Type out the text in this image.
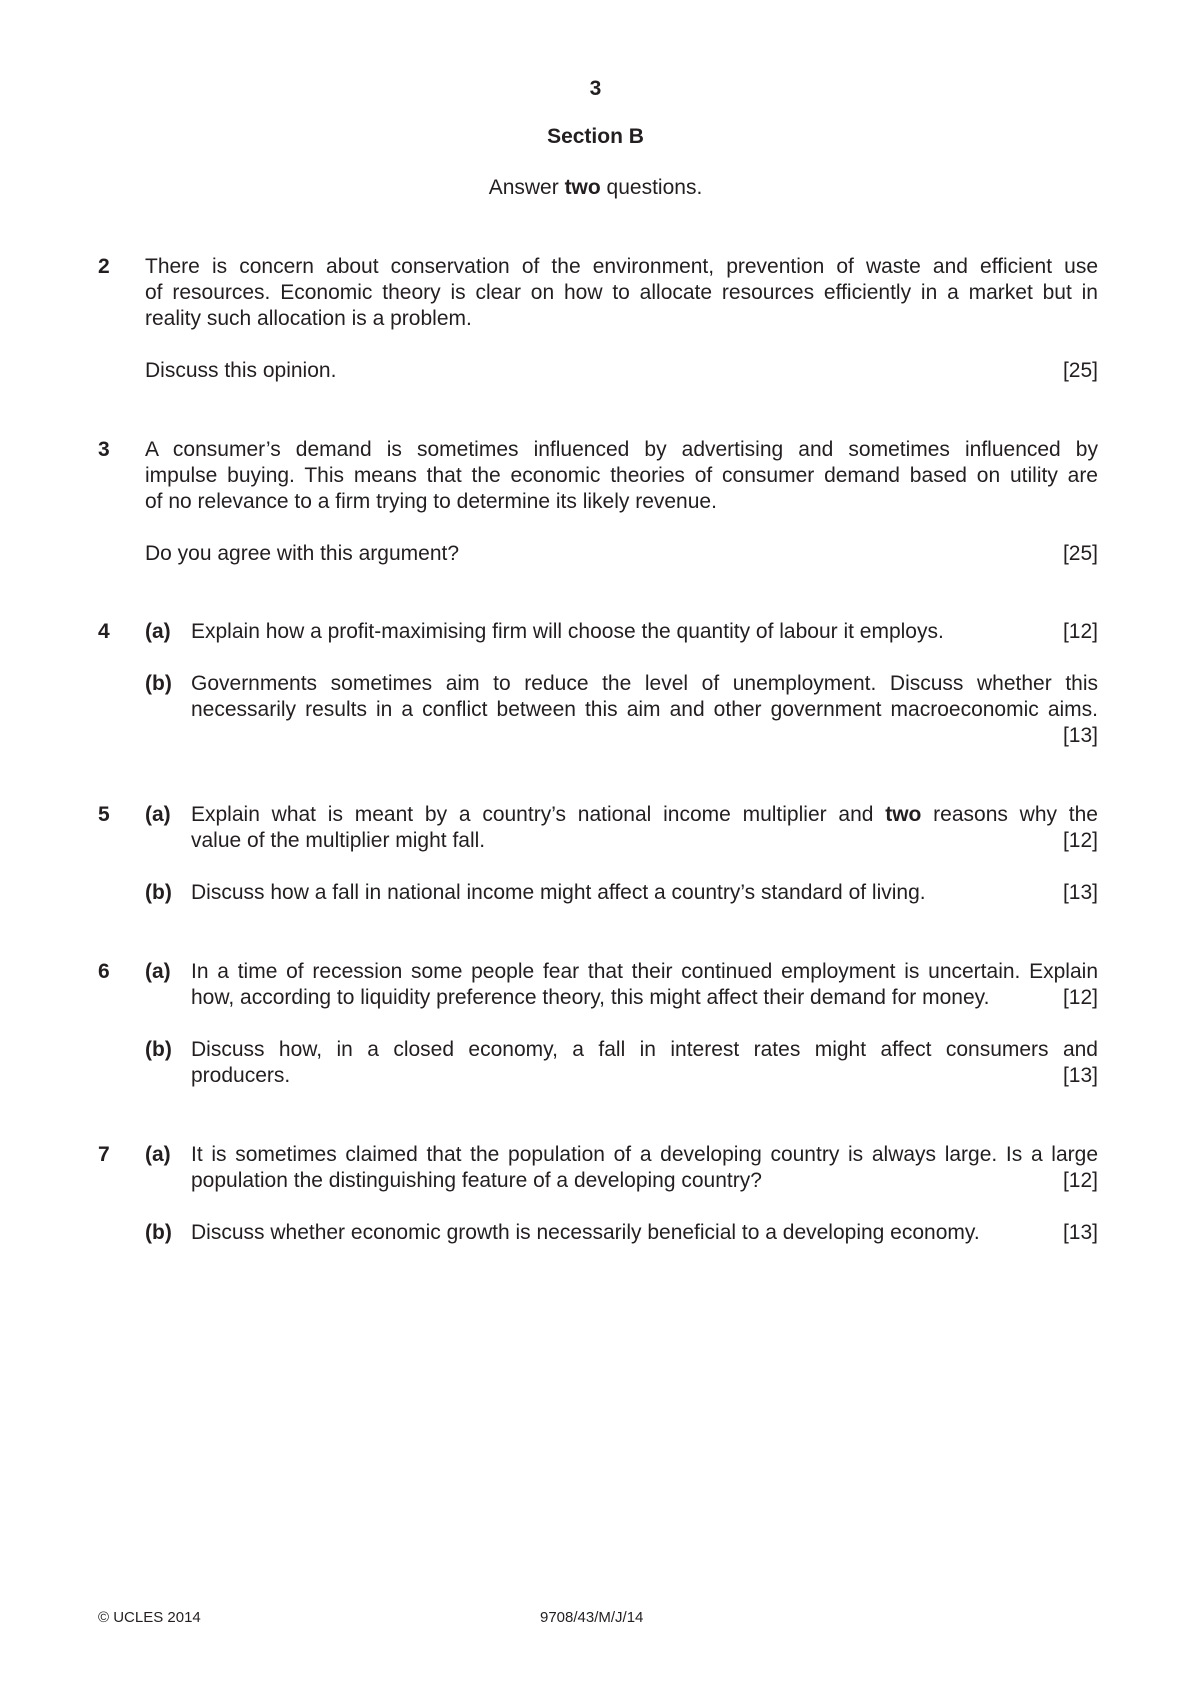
3
Section B
Answer two questions.
2	There is concern about conservation of the environment, prevention of waste and efficient use
of resources. Economic theory is clear on how to allocate resources efficiently in a market but in
reality such allocation is a problem.
Discuss this opinion.	[25]
3	A consumer’s demand is sometimes influenced by advertising and sometimes influenced by
impulse buying. This means that the economic theories of consumer demand based on utility are
of no relevance to a firm trying to determine its likely revenue.
Do you agree with this argument?	[25]
4	(a) Explain how a profit-maximising firm will choose the quantity of labour it employs.	[12]
(b) Governments sometimes aim to reduce the level of unemployment. Discuss whether this
necessarily results in a conflict between this aim and other government macroeconomic aims.
[13]
5	(a) Explain what is meant by a country’s national income multiplier and two reasons why the
value of the multiplier might fall.	[12]
(b) Discuss how a fall in national income might affect a country’s standard of living.	[13]
6	(a) In a time of recession some people fear that their continued employment is uncertain. Explain
how, according to liquidity preference theory, this might affect their demand for money.	[12]
(b) Discuss how, in a closed economy, a fall in interest rates might affect consumers and
producers.	[13]
7	(a) It is sometimes claimed that the population of a developing country is always large. Is a large
population the distinguishing feature of a developing country?	[12]
(b) Discuss whether economic growth is necessarily beneficial to a developing economy.	[13]
© UCLES 2014	9708/43/M/J/14
